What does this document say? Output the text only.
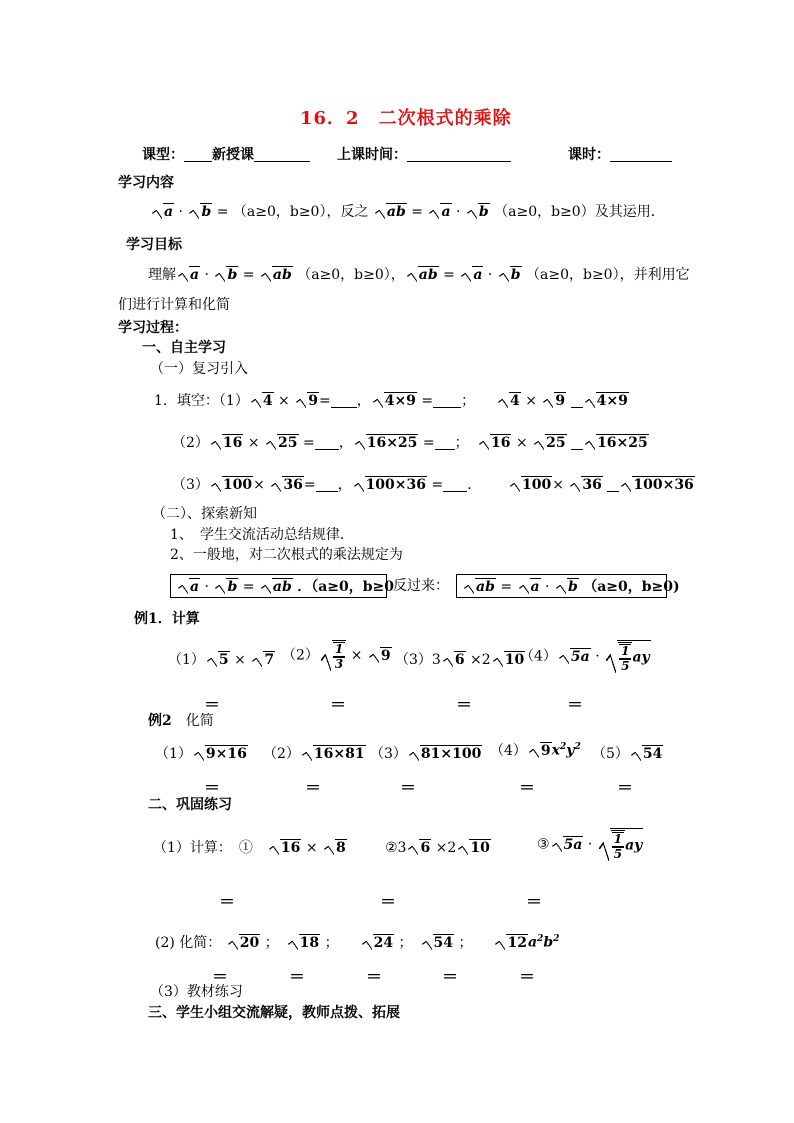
16．2　二次根式的乘除
课型： 新授课	上课时间：	课时：
学习内容
a · b = （a≥0，b≥0），反之 ab = a · b （a≥0，b≥0）及其运用．
学习目标
理解 a · b = ab （a≥0，b≥0）， ab = a · b （a≥0，b≥0），并利用它
们进行计算和化简
学习过程：
一、自主学习
（一）复习引入
1．填空：（1） 4 × 9= ， 4×9 = ；	4 × 9 4×9
（2） 16 × 25 = ， 16×25 = ；	16 × 25 16×25
（3） 100× 36= ， 100×36 = ．	100× 36 100×36
（二）、探索新知
1、　学生交流活动总结规律．
2、一般地，对二次根式的乘法规定为
a · b = ab ．（a≥0，b≥0
反过来：	ab = a · b （a≥0，b≥0)
例1．计算
（1） 5 × 7 $(2) \frac{1}{3} \times 9$ （3）3 6 ×2 10
（4） $5a \cdot \frac{1}{5}$ ay
＝	＝	＝	＝
例2　 化简
（1） 9×16 （2） 16×81 （3） 81×100 （4） $9x^2y^2$ （5） 54
＝	＝	＝	＝	＝
二、巩固练习
（1）计算：　 ①　 16 × 8	②3 6 ×2 10	③ $5a \cdot \frac{1}{5}$ ay
＝	＝	＝
(2) 化简： 20 ；　 18 ；　　	24 ；　 54 ；　　	$12a^2b^2$
＝	＝	＝	＝	＝
（3）教材练习
三、学生小组交流解疑，教师点拨、拓展
